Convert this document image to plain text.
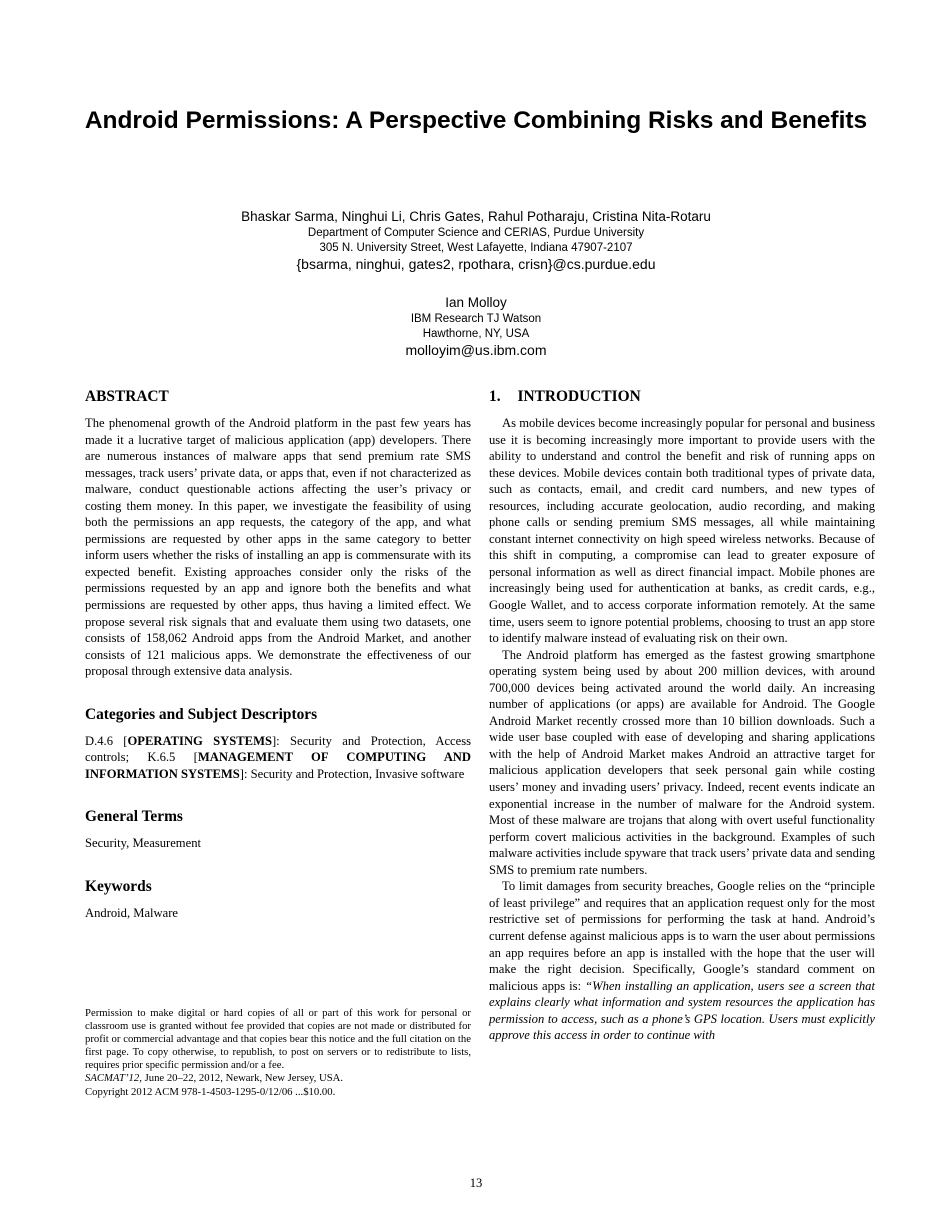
Android Permissions: A Perspective Combining Risks and Benefits
Bhaskar Sarma, Ninghui Li, Chris Gates, Rahul Potharaju, Cristina Nita-Rotaru
Department of Computer Science and CERIAS, Purdue University
305 N. University Street, West Lafayette, Indiana 47907-2107
{bsarma, ninghui, gates2, rpothara, crisn}@cs.purdue.edu
Ian Molloy
IBM Research TJ Watson
Hawthorne, NY, USA
molloyim@us.ibm.com
ABSTRACT

The phenomenal growth of the Android platform in the past few years has made it a lucrative target of malicious application (app) developers. There are numerous instances of malware apps that send premium rate SMS messages, track users’ private data, or apps that, even if not characterized as malware, conduct questionable actions affecting the user’s privacy or costing them money. In this paper, we investigate the feasibility of using both the permissions an app requests, the category of the app, and what permissions are requested by other apps in the same category to better inform users whether the risks of installing an app is commensurate with its expected benefit. Existing approaches consider only the risks of the permissions requested by an app and ignore both the benefits and what permissions are requested by other apps, thus having a limited effect. We propose several risk signals that and evaluate them using two datasets, one consists of 158,062 Android apps from the Android Market, and another consists of 121 malicious apps. We demonstrate the effectiveness of our proposal through extensive data analysis.

Categories and Subject Descriptors

D.4.6 [OPERATING SYSTEMS]: Security and Protection, Access controls; K.6.5 [MANAGEMENT OF COMPUTING AND INFORMATION SYSTEMS]: Security and Protection, Invasive software

General Terms

Security, Measurement

Keywords

Android, Malware

1. INTRODUCTION

As mobile devices become increasingly popular for personal and business use it is becoming increasingly more important to provide users with the ability to understand and control the benefit and risk of running apps on these devices. Mobile devices contain both traditional types of private data, such as contacts, email, and credit card numbers, and new types of resources, including accurate geolocation, audio recording, and making phone calls or sending premium SMS messages, all while maintaining constant internet connectivity on high speed wireless networks. Because of this shift in computing, a compromise can lead to greater exposure of personal information as well as direct financial impact. Mobile phones are increasingly being used for authentication at banks, as credit cards, e.g., Google Wallet, and to access corporate information remotely. At the same time, users seem to ignore potential problems, choosing to trust an app store to identify malware instead of evaluating risk on their own.

The Android platform has emerged as the fastest growing smartphone operating system being used by about 200 million devices, with around 700,000 devices being activated around the world daily. An increasing number of applications (or apps) are available for Android. The Google Android Market recently crossed more than 10 billion downloads. Such a wide user base coupled with ease of developing and sharing applications with the help of Android Market makes Android an attractive target for malicious application developers that seek personal gain while costing users’ money and invading users’ privacy. Indeed, recent events indicate an exponential increase in the number of malware for the Android system. Most of these malware are trojans that along with overt useful functionality perform covert malicious activities in the background. Examples of such malware activities include spyware that track users’ private data and sending SMS to premium rate numbers.

To limit damages from security breaches, Google relies on the “principle of least privilege” and requires that an application request only for the most restrictive set of permissions for performing the task at hand. Android’s current defense against malicious apps is to warn the user about permissions an app requires before an app is installed with the hope that the user will make the right decision. Specifically, Google’s standard comment on malicious apps is: “When installing an application, users see a screen that explains clearly what information and system resources the application has permission to access, such as a phone’s GPS location. Users must explicitly approve this access in order to continue with

Permission to make digital or hard copies of all or part of this work for personal or classroom use is granted without fee provided that copies are not made or distributed for profit or commercial advantage and that copies bear this notice and the full citation on the first page. To copy otherwise, to republish, to post on servers or to redistribute to lists, requires prior specific permission and/or a fee.
SACMAT’12, June 20–22, 2012, Newark, New Jersey, USA.
Copyright 2012 ACM 978-1-4503-1295-0/12/06 ...$10.00.
13
